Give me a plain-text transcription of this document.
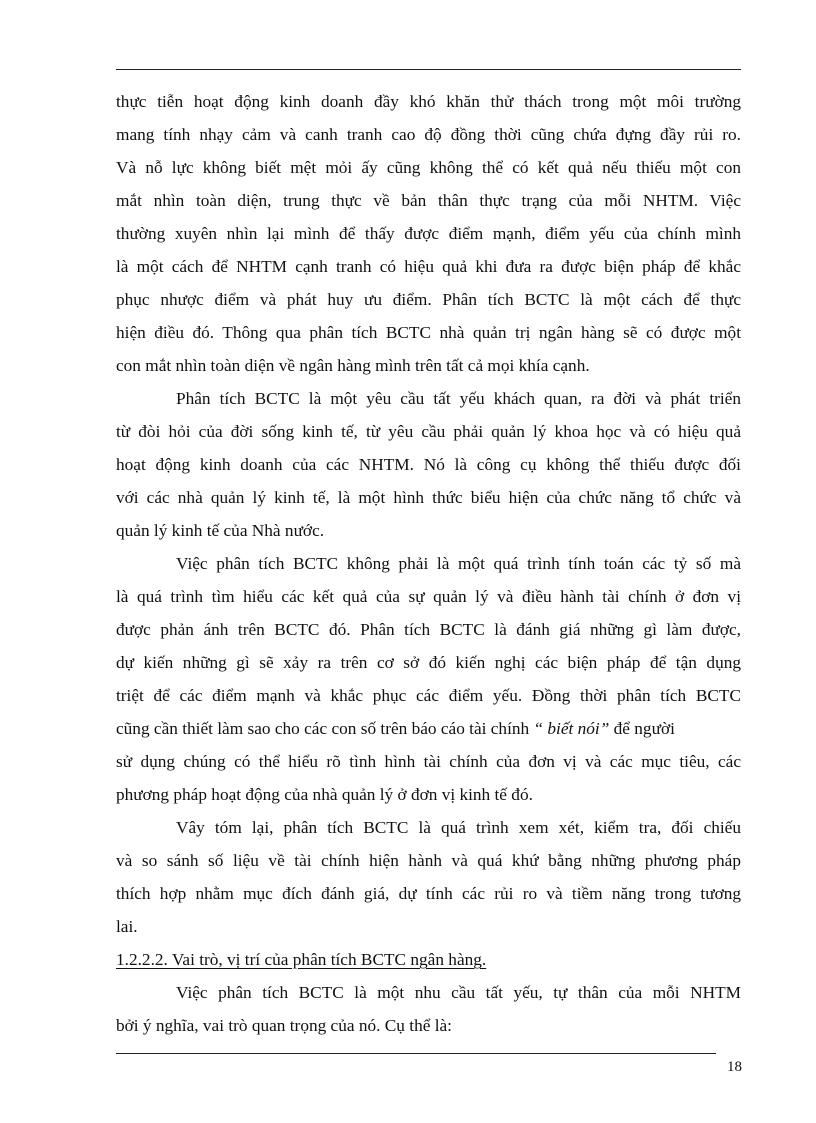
thực tiễn hoạt động kinh doanh đầy khó khăn thử thách trong một môi trường
mang tính nhạy cảm và canh tranh cao độ đồng thời cũng chứa đựng đầy rủi ro.
Và nỗ lực không biết mệt mỏi ấy cũng không thể có kết quả nếu thiếu một con
mắt nhìn toàn diện, trung thực về bản thân thực trạng của mỗi NHTM. Việc
thường xuyên nhìn lại mình để thấy được điểm mạnh, điểm yếu của chính mình
là một cách để NHTM cạnh tranh có hiệu quả khi đưa ra được biện pháp để khắc
phục nhược điểm và phát huy ưu điểm. Phân tích BCTC là một cách để thực
hiện điều đó. Thông qua phân tích BCTC nhà quản trị ngân hàng sẽ có được một
con mắt nhìn toàn diện về ngân hàng mình trên tất cả mọi khía cạnh.
Phân tích BCTC là một yêu cầu tất yếu khách quan, ra đời và phát triển
từ đòi hỏi của đời sống kinh tế, từ yêu cầu phải quản lý khoa học và có hiệu quả
hoạt động kinh doanh của các NHTM. Nó là công cụ không thể thiếu được đối
với các nhà quản lý kinh tế, là một hình thức biểu hiện của chức năng tổ chức và
quản lý kinh tế của Nhà nước.
Việc phân tích BCTC không phải là một quá trình tính toán các tỷ số mà
là quá trình tìm hiểu các kết quả của sự quản lý và điều hành tài chính ở đơn vị
được phản ánh trên BCTC đó. Phân tích BCTC là đánh giá những gì làm được,
dự kiến những gì sẽ xảy ra trên cơ sở đó kiến nghị các biện pháp để tận dụng
triệt để các điểm mạnh và khắc phục các điểm yếu. Đồng thời phân tích BCTC
cũng cần thiết làm sao cho các con số trên báo cáo tài chính “ biết nói” để người
sử dụng chúng có thể hiểu rõ tình hình tài chính của đơn vị và các mục tiêu, các
phương pháp hoạt động của nhà quản lý ở đơn vị kinh tế đó.
Vây tóm lại, phân tích BCTC là quá trình xem xét, kiểm tra, đối chiếu
và so sánh số liệu về tài chính hiện hành và quá khứ bằng những phương pháp
thích hợp nhằm mục đích đánh giá, dự tính các rủi ro và tiềm năng trong tương
lai.
1.2.2.2. Vai trò, vị trí của phân tích BCTC ngân hàng.
Việc phân tích BCTC là một nhu cầu tất yếu, tự thân của mỗi NHTM
bởi ý nghĩa, vai trò quan trọng của nó. Cụ thể là:
18
